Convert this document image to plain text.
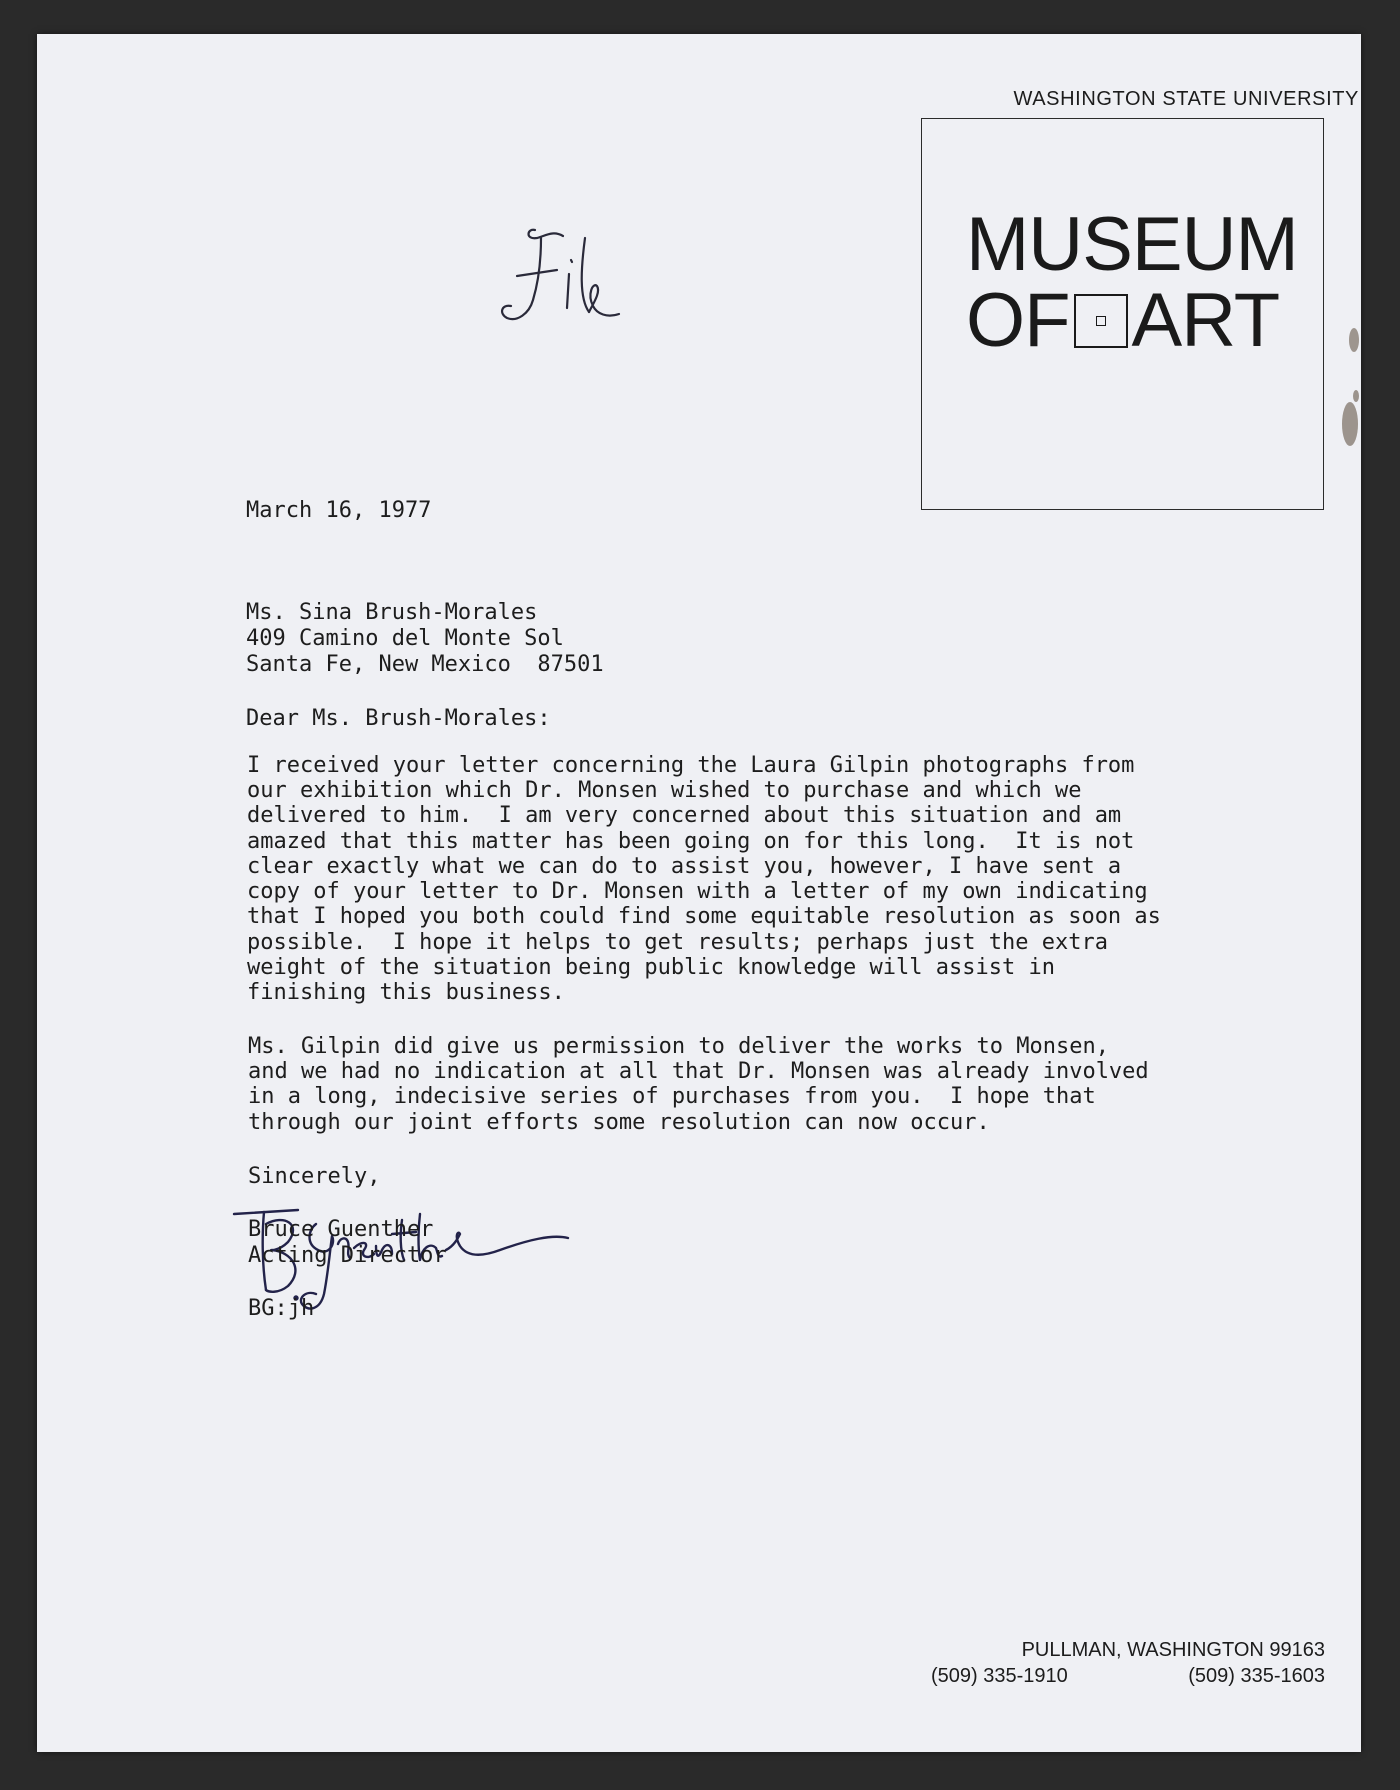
WASHINGTON STATE UNIVERSITY
MUSEUM
OF ART
March 16, 1977
Ms. Sina Brush-Morales
409 Camino del Monte Sol
Santa Fe, New Mexico  87501
Dear Ms. Brush-Morales:
I received your letter concerning the Laura Gilpin photographs from
our exhibition which Dr. Monsen wished to purchase and which we
delivered to him.  I am very concerned about this situation and am
amazed that this matter has been going on for this long.  It is not
clear exactly what we can do to assist you, however, I have sent a
copy of your letter to Dr. Monsen with a letter of my own indicating
that I hoped you both could find some equitable resolution as soon as
possible.  I hope it helps to get results; perhaps just the extra
weight of the situation being public knowledge will assist in
finishing this business.
Ms. Gilpin did give us permission to deliver the works to Monsen,
and we had no indication at all that Dr. Monsen was already involved
in a long, indecisive series of purchases from you.  I hope that
through our joint efforts some resolution can now occur.
Sincerely,
Bruce Guenther
Acting Director
BG:jh
PULLMAN, WASHINGTON 99163
(509) 335-1910	(509) 335-1603
